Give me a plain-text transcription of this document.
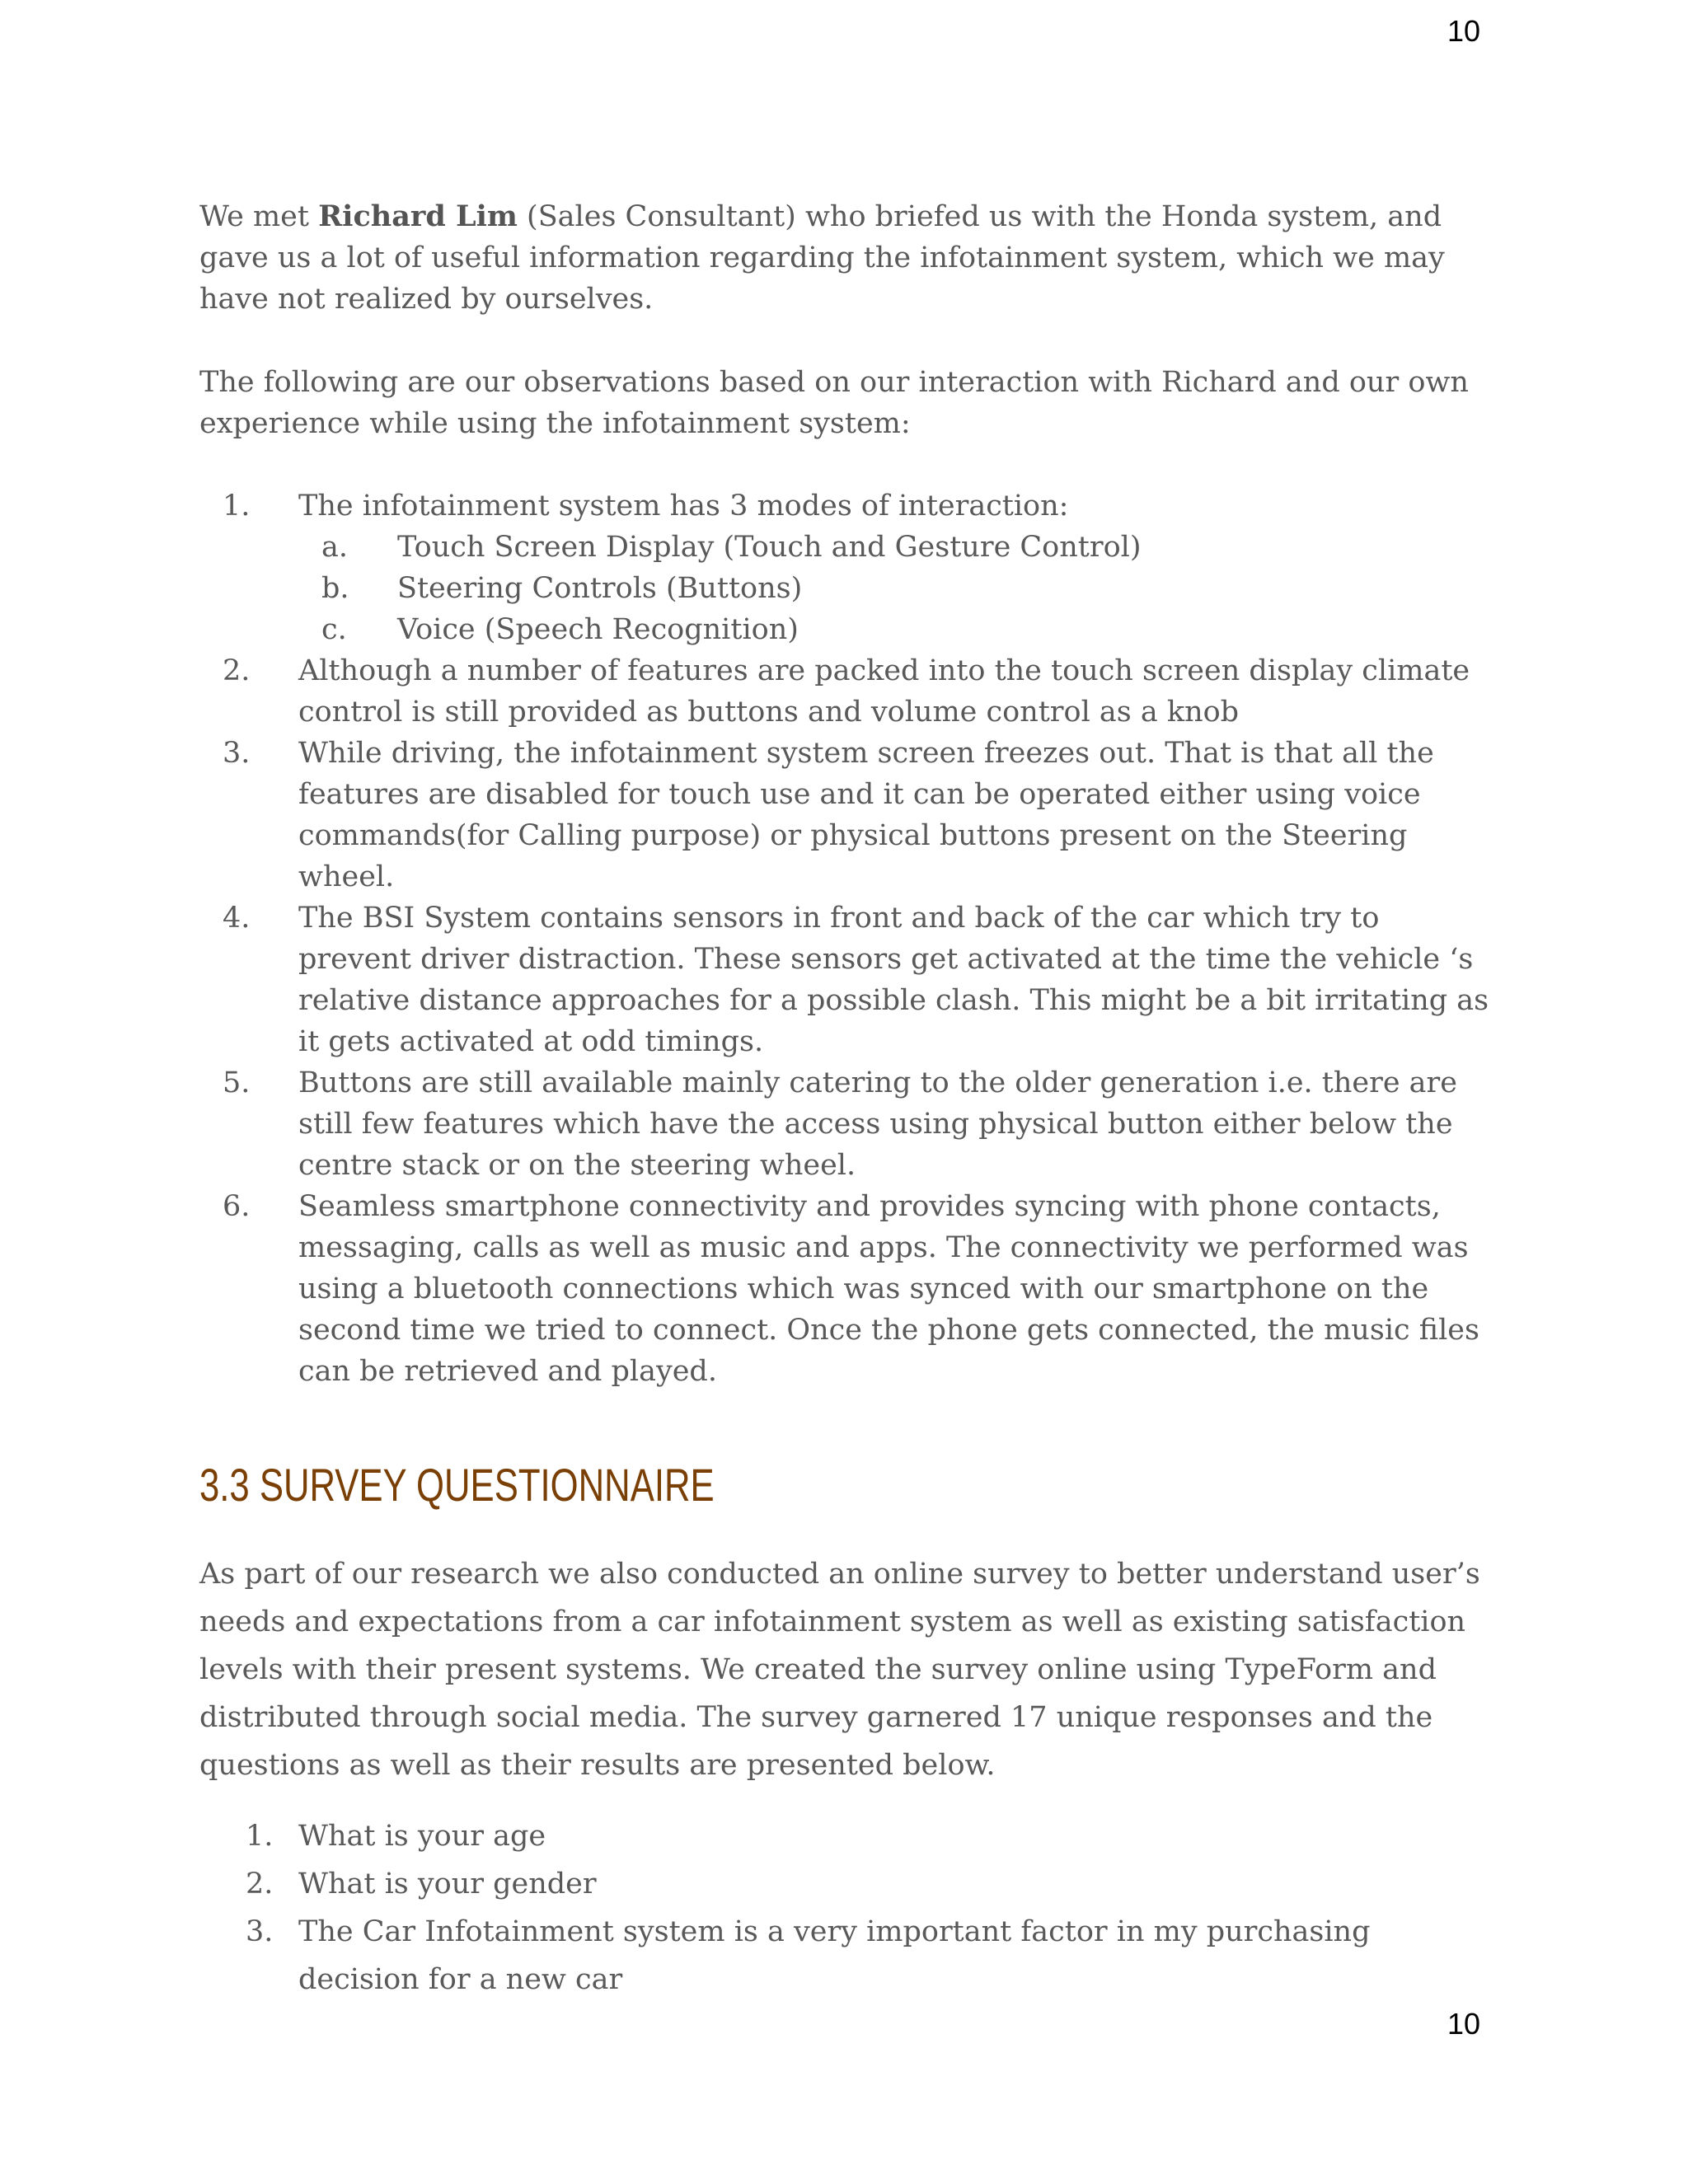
10

We met Richard Lim (Sales Consultant) who briefed us with the Honda system, and gave us a lot of useful information regarding the infotainment system, which we may have not realized by ourselves.

The following are our observations based on our interaction with Richard and our own experience while using the infotainment system:

1. The infotainment system has 3 modes of interaction:
a. Touch Screen Display (Touch and Gesture Control)
b. Steering Controls (Buttons)
c. Voice (Speech Recognition)
2. Although a number of features are packed into the touch screen display climate control is still provided as buttons and volume control as a knob
3. While driving, the infotainment system screen freezes out. That is that all the features are disabled for touch use and it can be operated either using voice commands(for Calling purpose) or physical buttons present on the Steering wheel.
4. The BSI System contains sensors in front and back of the car which try to prevent driver distraction. These sensors get activated at the time the vehicle ‘s relative distance approaches for a possible clash. This might be a bit irritating as it gets activated at odd timings.
5. Buttons are still available mainly catering to the older generation i.e. there are still few features which have the access using physical button either below the centre stack or on the steering wheel.
6. Seamless smartphone connectivity and provides syncing with phone contacts, messaging, calls as well as music and apps. The connectivity we performed was using a bluetooth connections which was synced with our smartphone on the second time we tried to connect. Once the phone gets connected, the music files can be retrieved and played.
3.3 SURVEY QUESTIONNAIRE

As part of our research we also conducted an online survey to better understand user’s needs and expectations from a car infotainment system as well as existing satisfaction levels with their present systems. We created the survey online using TypeForm and distributed through social media. The survey garnered 17 unique responses and the questions as well as their results are presented below.

1. What is your age
2. What is your gender
3. The Car Infotainment system is a very important factor in my purchasing decision for a new car
10
